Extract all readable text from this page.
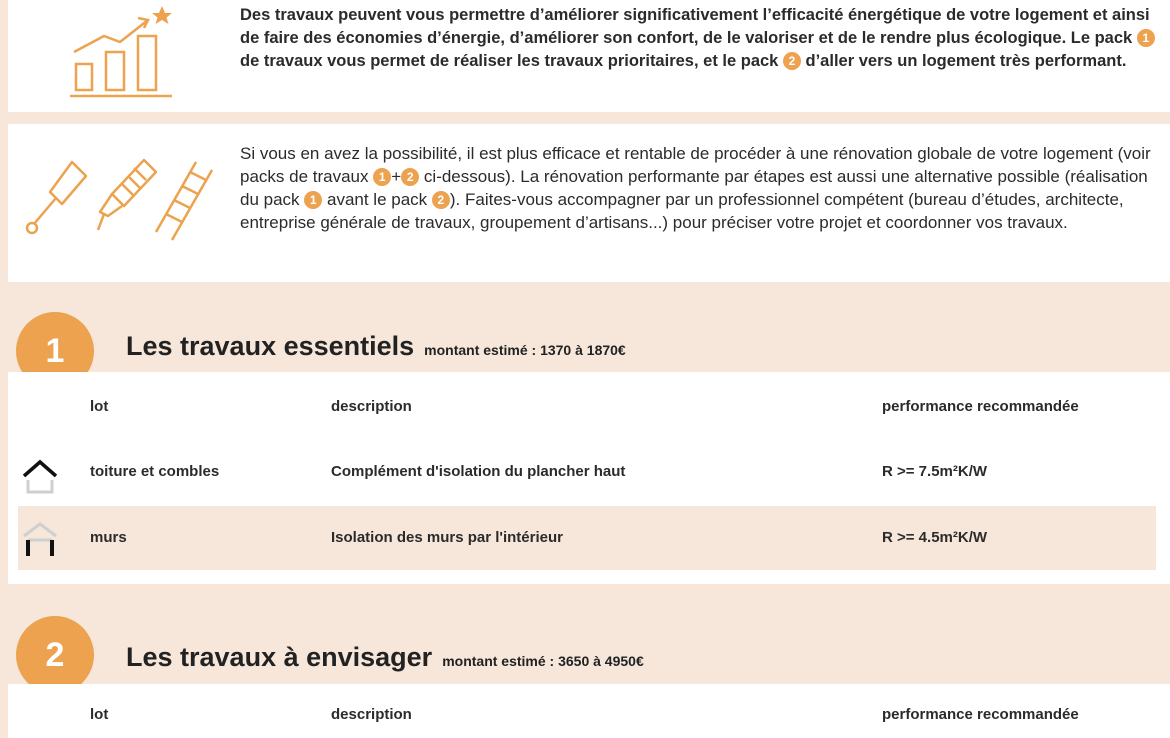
Des travaux peuvent vous permettre d’améliorer significativement l’efficacité énergétique de votre logement et ainsi de faire des économies d’énergie, d’améliorer son confort, de le valoriser et de le rendre plus écologique. Le pack 1 de travaux vous permet de réaliser les travaux prioritaires, et le pack 2 d’aller vers un logement très performant.

Si vous en avez la possibilité, il est plus efficace et rentable de procéder à une rénovation globale de votre logement (voir packs de travaux 1 + 2 ci-dessous). La rénovation performante par étapes est aussi une alternative possible (réalisation du pack 1 avant le pack 2 ). Faites-vous accompagner par un professionnel compétent (bureau d’études, architecte, entreprise générale de travaux, groupement d’artisans...) pour préciser votre projet et coordonner vos travaux.

1	Les travaux essentiels montant estimé : 1370 à 1870€
lot	description	performance recommandée
toiture et combles	Complément d'isolation du plancher haut	R >= 7.5m²K/W
murs	Isolation des murs par l'intérieur	R >= 4.5m²K/W
2	Les travaux à envisager montant estimé : 3650 à 4950€
lot	description	performance recommandée
